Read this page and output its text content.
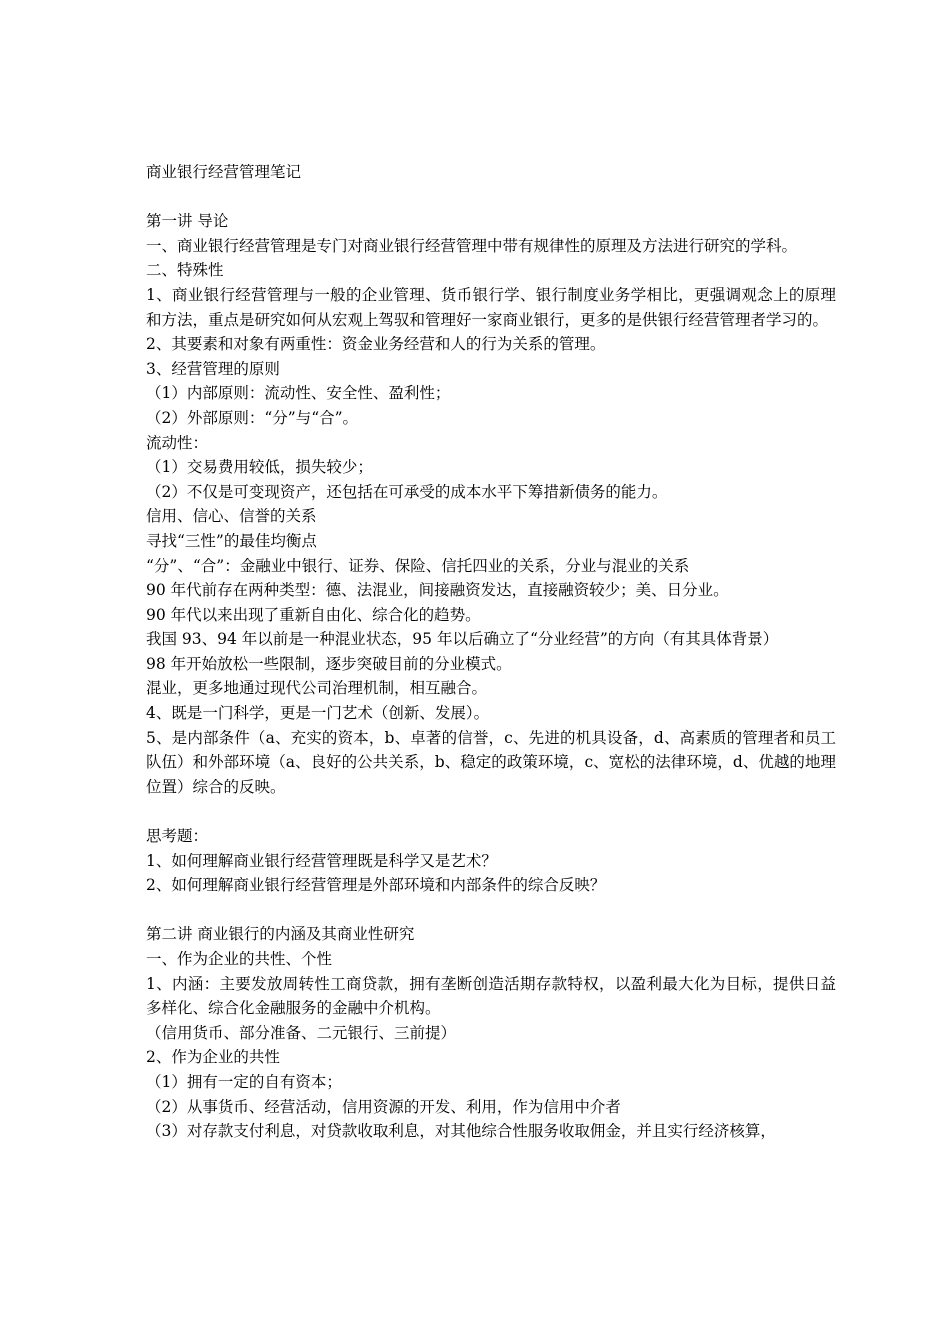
商业银行经营管理笔记
第一讲 导论
一、商业银行经营管理是专门对商业银行经营管理中带有规律性的原理及方法进行研究的学科。
二、特殊性
1、商业银行经营管理与一般的企业管理、货币银行学、银行制度业务学相比，更强调观念上的原理和方法，重点是研究如何从宏观上驾驭和管理好一家商业银行，更多的是供银行经营管理者学习的。
2、其要素和对象有两重性：资金业务经营和人的行为关系的管理。
3、经营管理的原则
（1）内部原则：流动性、安全性、盈利性；
（2）外部原则：“分”与“合”。
流动性：
（1）交易费用较低，损失较少；
（2）不仅是可变现资产，还包括在可承受的成本水平下筹措新债务的能力。
信用、信心、信誉的关系
寻找“三性”的最佳均衡点
“分”、“合”：金融业中银行、证券、保险、信托四业的关系，分业与混业的关系
90 年代前存在两种类型：德、法混业，间接融资发达，直接融资较少；美、日分业。
90 年代以来出现了重新自由化、综合化的趋势。
我国 93、94 年以前是一种混业状态，95 年以后确立了“分业经营”的方向（有其具体背景）
98 年开始放松一些限制，逐步突破目前的分业模式。
混业，更多地通过现代公司治理机制，相互融合。
4、既是一门科学，更是一门艺术（创新、发展）。
5、是内部条件（a、充实的资本，b、卓著的信誉，c、先进的机具设备，d、高素质的管理者和员工队伍）和外部环境（a、良好的公共关系，b、稳定的政策环境，c、宽松的法律环境，d、优越的地理位置）综合的反映。
思考题：
1、如何理解商业银行经营管理既是科学又是艺术？
2、如何理解商业银行经营管理是外部环境和内部条件的综合反映？
第二讲 商业银行的内涵及其商业性研究
一、作为企业的共性、个性
1、内涵：主要发放周转性工商贷款，拥有垄断创造活期存款特权，以盈利最大化为目标，提供日益多样化、综合化金融服务的金融中介机构。
（信用货币、部分准备、二元银行、三前提）
2、作为企业的共性
（1）拥有一定的自有资本；
（2）从事货币、经营活动，信用资源的开发、利用，作为信用中介者
（3）对存款支付利息，对贷款收取利息，对其他综合性服务收取佣金，并且实行经济核算，
